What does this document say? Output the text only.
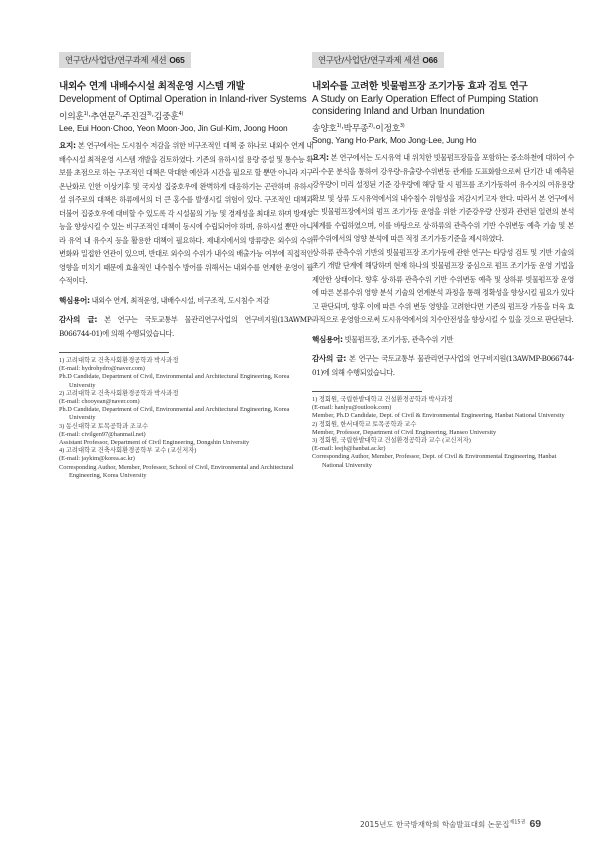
연구단/사업단/연구과제 세션 O65
내외수 연계 내배수시설 최적운영 시스템 개발
Development of Optimal Operation in Inland-river Systems
이의훈$^{1)}$·추연문$^{2)}$·주진걸$^{3)}$·김중훈$^{4)}$
Lee, Eui Hoon·Choo, Yeon Moon·Joo, Jin Gul·Kim, Joong Hoon
요지: 본 연구에서는 도시침수 저감을 위한 비구조적인 대책 중 하나로 내외수 연계 내배수시설 최적운영 시스템 개발을 검토하였다. 기존의 유하시설 용량 증설 및 통수능 확보를 초점으로 하는 구조적인 대책은 막대한 예산과 시간을 필요로 할 뿐만 아니라 지구 온난화로 인한 이상기후 및 국지성 집중호우에 완벽하게 대응하기는 곤란하며 유하시설 위주로의 대책은 하류에서의 더 큰 홍수를 발생시킬 위험이 있다. 구조적인 대책과 더불어 집중호우에 대비할 수 있도록 각 시설물의 기능 및 경제성을 최대로 하며 방재성능을 향상시킬 수 있는 비구조적인 대책이 동시에 수립되어야 하며, 유하시설 뿐만 아니라 유역 내 유수지 등을 활용한 대책이 필요하다. 제내지에서의 방류량은 외수의 수위 변화와 밀접한 연관이 있으며, 반대로 외수의 수위가 내수의 배출가능 여부에 직접적인 영향을 미치기 때문에 효율적인 내수침수 방어를 위해서는 내외수를 연계한 운영이 필수적이다.
핵심용어: 내외수 연계, 최적운영, 내배수시설, 비구조적, 도시침수 저감
감사의 글: 본 연구는 국토교통부 물관리연구사업의 연구비지원(13AWMP-B066744-01)에 의해 수행되었습니다.

1) 고려대학교 건축사회환경공학과 박사과정

(E-mail: hydrohydro@naver.com)

Ph.D Candidate, Department of Civil, Environmental and Architectural Engineering, Korea University

2) 고려대학교 건축사회환경공학과 박사과정

(E-mail: chooyean@naver.com)

Ph.D Candidate, Department of Civil, Environmental and Architectural Engineering, Korea University

3) 동신대학교 토목공학과 조교수

(E-mail: civilgen97@hanmail.net)

Assistant Professor, Department of Civil Engineering, Dongshin University

4) 고려대학교 건축사회환경공학부 교수 (교신저자)

(E-mail: jaykim@korea.ac.kr)

Corresponding Author, Member, Professor, School of Civil, Environmental and Architectural Engineering, Korea University

연구단/사업단/연구과제 세션 O66
내외수를 고려한 빗물펌프장 조기가동 효과 검토 연구
A Study on Early Operation Effect of Pumping Station considering Inland and Urban Inundation
송양호$^{1)}$·박무종$^{2)}$·이정호$^{3)}$
Song, Yang Ho·Park, Moo Jong·Lee, Jung Ho
요지: 본 연구에서는 도시유역 내 위치한 빗물펌프장들을 포함하는 중소하천에 대하여 수리·수문 분석을 통하여 강우량-유출량-수위변동 관계를 도표화함으로써 단기간 내 예측된 강우량이 미리 설정된 기준 강우량에 해당 할 시 펌프를 조기가동하여 유수지의 여유용량 확보 및 상류 도시유역에서의 내수침수 위험성을 저감시키고자 한다. 따라서 본 연구에서는 빗물펌프장에서의 펌프 조기가동 운영을 위한 기준강우량 산정과 관련된 일련의 분석 체계를 수립하였으며, 이를 바탕으로 상·하류의 관측수위 기반 수위변동 예측 기술 및 본류수위에서의 영향 분석에 따른 적정 조기가동기준을 제시하였다.
상·하류 관측수위 기반의 빗물펌프장 조기가동에 관한 연구는 타당성 검토 및 기반 기술의 초기 개발 단계에 해당하며 현재 하나의 빗물펌프장 중심으로 펌프 조기가동 운영 기법을 제안한 상태이다. 향후 상·하류 관측수위 기반 수위변동 예측 및 상하류 빗물펌프장 운영에 따른 본류수위 영향 분석 기술의 연계분석 과정을 통해 정확성을 향상시킬 필요가 있다고 판단되며, 향후 이에 따른 수위 변동 영향을 고려한다면 기존의 펌프장 가동을 더욱 효과적으로 운영함으로써 도시유역에서의 치수안전성을 향상시킬 수 있을 것으로 판단된다.
핵심용어: 빗물펌프장, 조기가동, 관측수위 기반
감사의 글: 본 연구는 국토교통부 물관리연구사업의 연구비지원(13AWMP-B066744-01)에 의해 수행되었습니다.

1) 정회원, 국립한밭대학교 건설환경공학과 박사과정

(E-mail: hanlyu@outlook.com)

Member, Ph.D Candidate, Dept. of Civil & Environmental Engineering, Hanbat National University

2) 정회원, 한서대학교 토목공학과 교수

Member, Professor, Department of Civil Engineering, Hanseo University

3) 정회원, 국립한밭대학교 건설환경공학과 교수 (교신저자)

(E-mail: leejh@hanbat.ac.kr)

Corresponding Author, Member, Professor, Dept. of Civil & Environmental Engineering, Hanbat National University

2015년도 한국방재학회 학술발표대회 논문집$^{제15권}$ 69
